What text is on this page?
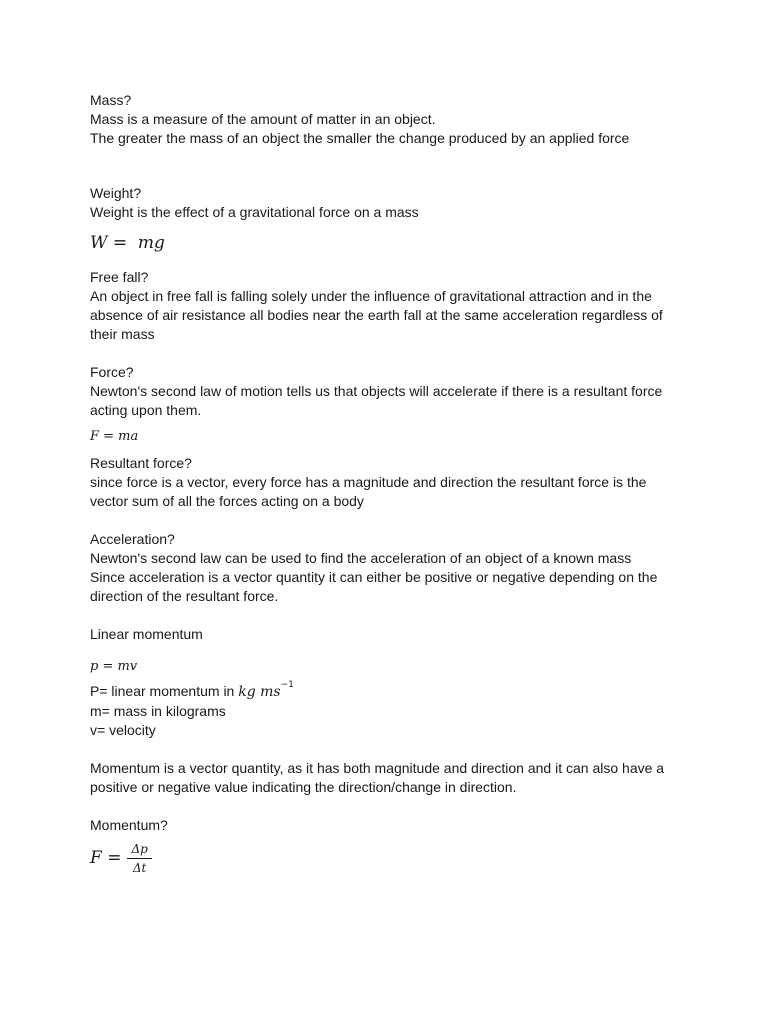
Mass?
Mass is a measure of the amount of matter in an object.
The greater the mass of an object the smaller the change produced by an applied force
Weight?
Weight is the effect of a gravitational force on a mass
W =  mg
Free fall?
An object in free fall is falling solely under the influence of gravitational attraction and in the
absence of air resistance all bodies near the earth fall at the same acceleration regardless of
their mass
Force?
Newton's second law of motion tells us that objects will accelerate if there is a resultant force
acting upon them.
F = ma
Resultant force?
since force is a vector, every force has a magnitude and direction the resultant force is the
vector sum of all the forces acting on a body
Acceleration?
Newton's second law can be used to find the acceleration of an object of a known mass
Since acceleration is a vector quantity it can either be positive or negative depending on the
direction of the resultant force.
Linear momentum
p = mv
P= linear momentum in kg $ms^{-1}$
m= mass in kilograms
v= velocity
Momentum is a vector quantity, as it has both magnitude and direction and it can also have a
positive or negative value indicating the direction/change in direction.
Momentum?
$F = \frac{\Delta p}{\Delta t}$
